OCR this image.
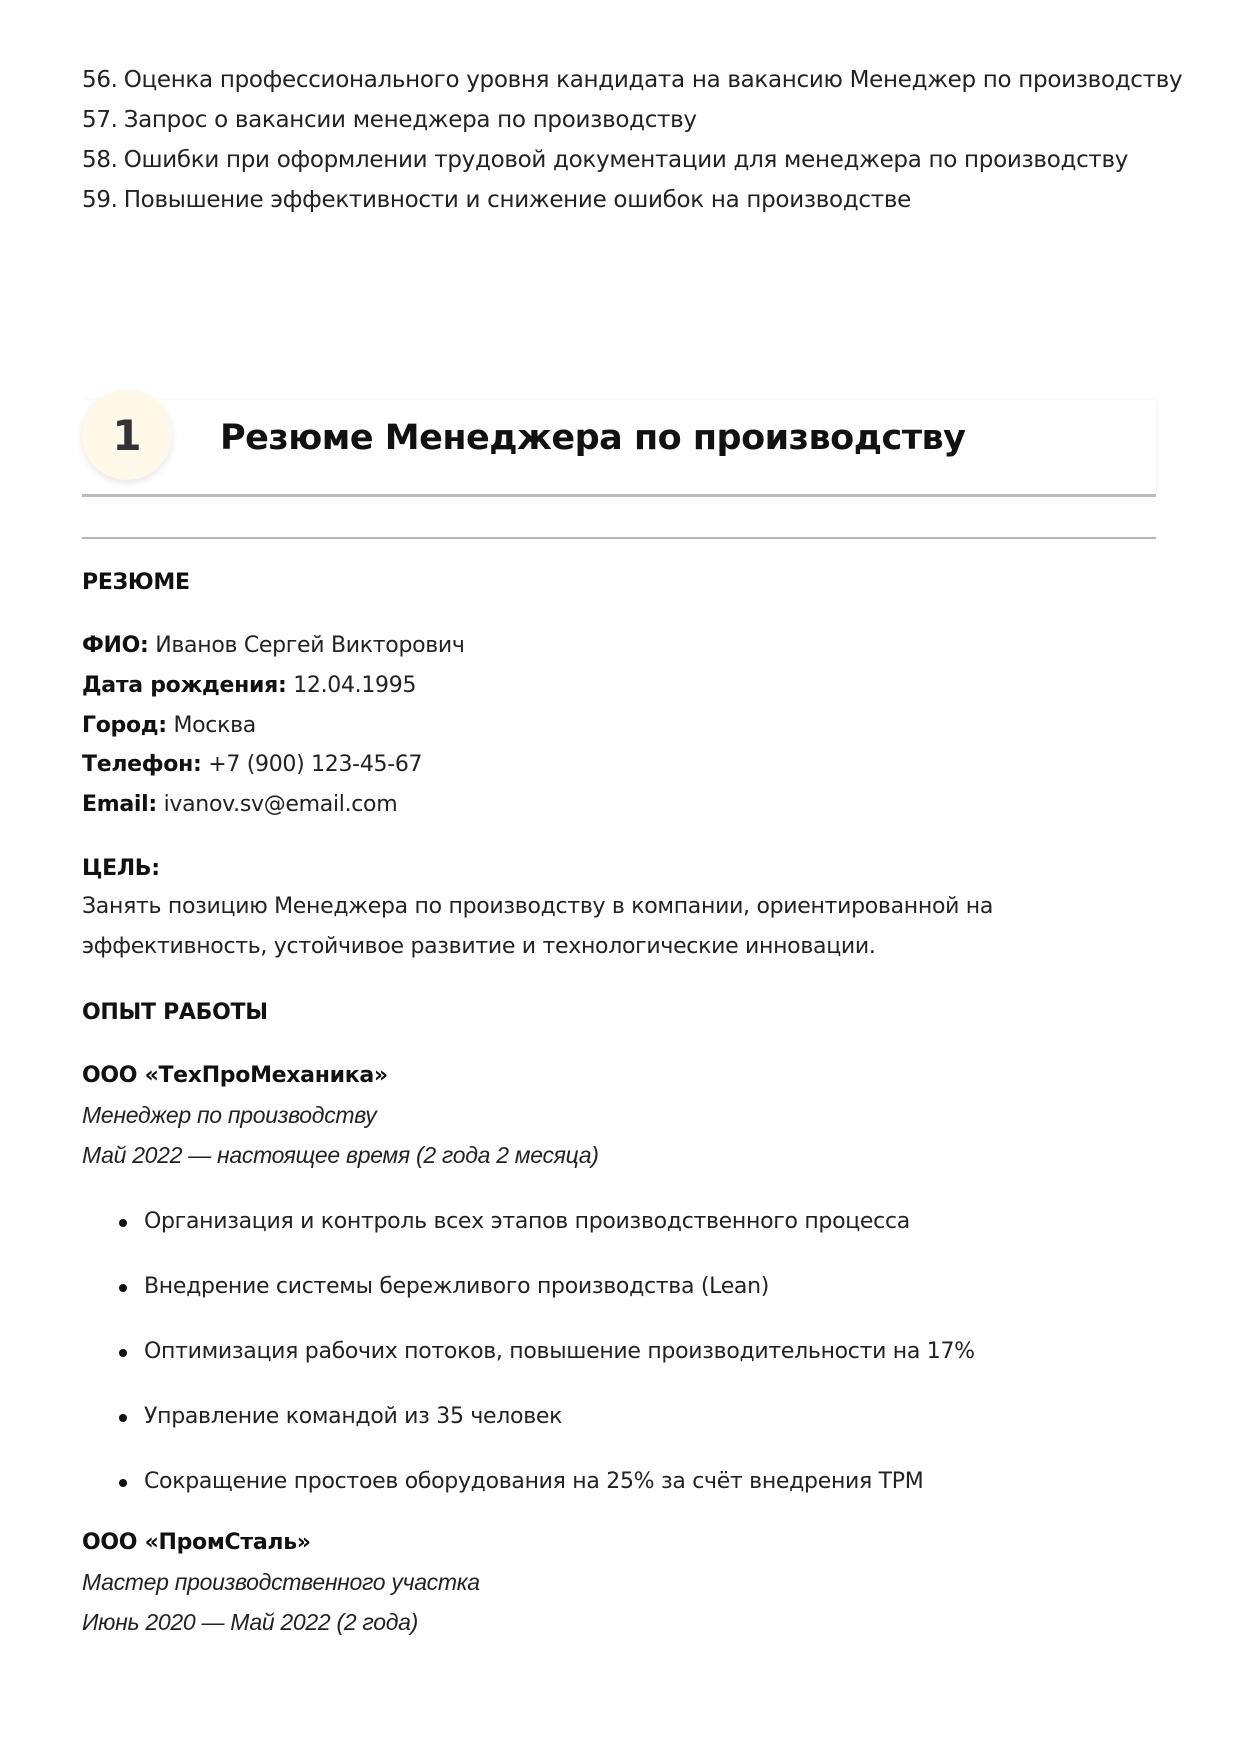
56. Оценка профессионального уровня кандидата на вакансию Менеджер по производству
57. Запрос о вакансии менеджера по производству
58. Ошибки при оформлении трудовой документации для менеджера по производству
59. Повышение эффективности и снижение ошибок на производстве
1	Резюме Менеджера по производству
РЕЗЮМЕ
ФИО: Иванов Сергей Викторович
Дата рождения: 12.04.1995
Город: Москва
Телефон: +7 (900) 123-45-67
Email: ivanov.sv@email.com
ЦЕЛЬ:
Занять позицию Менеджера по производству в компании, ориентированной на эффективность, устойчивое развитие и технологические инновации.
ОПЫТ РАБОТЫ
ООО «ТехПроМеханика»
Менеджер по производству
Май 2022 — настоящее время (2 года 2 месяца)
Организация и контроль всех этапов производственного процесса
Внедрение системы бережливого производства (Lean)
Оптимизация рабочих потоков, повышение производительности на 17%
Управление командой из 35 человек
Сокращение простоев оборудования на 25% за счёт внедрения TPM
ООО «ПромСталь»
Мастер производственного участка
Июнь 2020 — Май 2022 (2 года)
